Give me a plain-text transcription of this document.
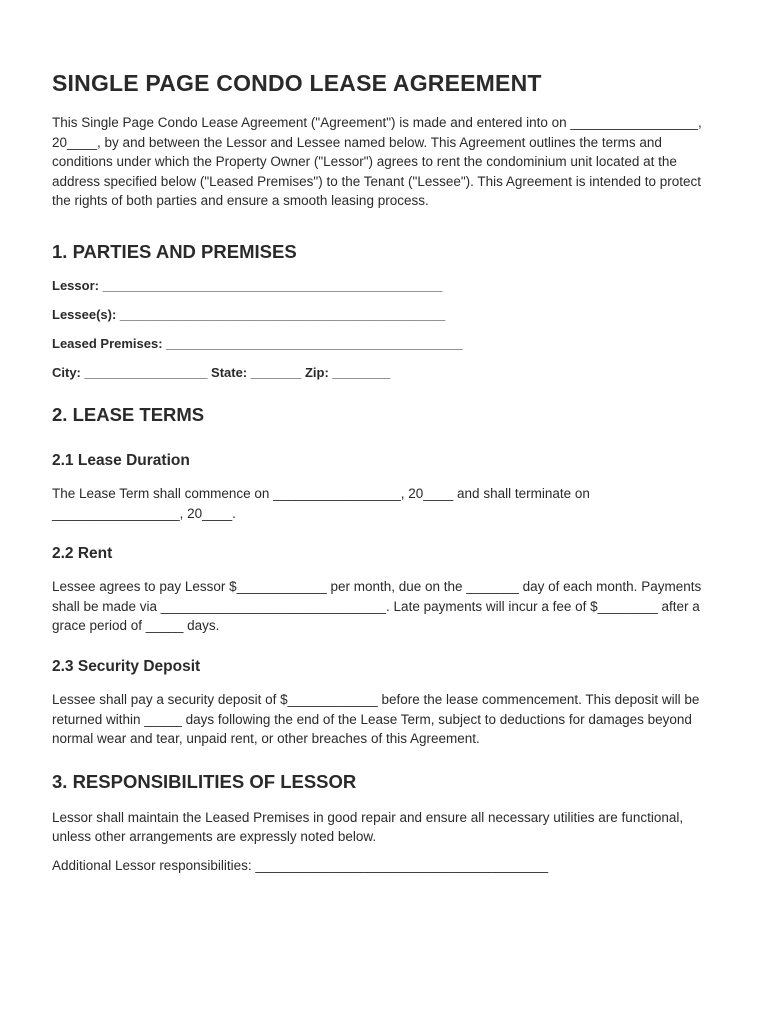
SINGLE PAGE CONDO LEASE AGREEMENT

This Single Page Condo Lease Agreement ("Agreement") is made and entered into on _________________, 20____, by and between the Lessor and Lessee named below. This Agreement outlines the terms and conditions under which the Property Owner ("Lessor") agrees to rent the condominium unit located at the address specified below ("Leased Premises") to the Tenant ("Lessee"). This Agreement is intended to protect the rights of both parties and ensure a smooth leasing process.

1. PARTIES AND PREMISES

Lessor: _______________________________________________

Lessee(s): _____________________________________________

Leased Premises: _________________________________________

City: _________________ State: _______ Zip: ________

2. LEASE TERMS
2.1 Lease Duration

The Lease Term shall commence on _________________, 20____ and shall terminate on _________________, 20____.

2.2 Rent

Lessee agrees to pay Lessor $____________ per month, due on the _______ day of each month. Payments shall be made via ______________________________. Late payments will incur a fee of $________ after a grace period of _____ days.

2.3 Security Deposit

Lessee shall pay a security deposit of $____________ before the lease commencement. This deposit will be returned within _____ days following the end of the Lease Term, subject to deductions for damages beyond normal wear and tear, unpaid rent, or other breaches of this Agreement.

3. RESPONSIBILITIES OF LESSOR

Lessor shall maintain the Leased Premises in good repair and ensure all necessary utilities are functional, unless other arrangements are expressly noted below.

Additional Lessor responsibilities: _______________________________________
